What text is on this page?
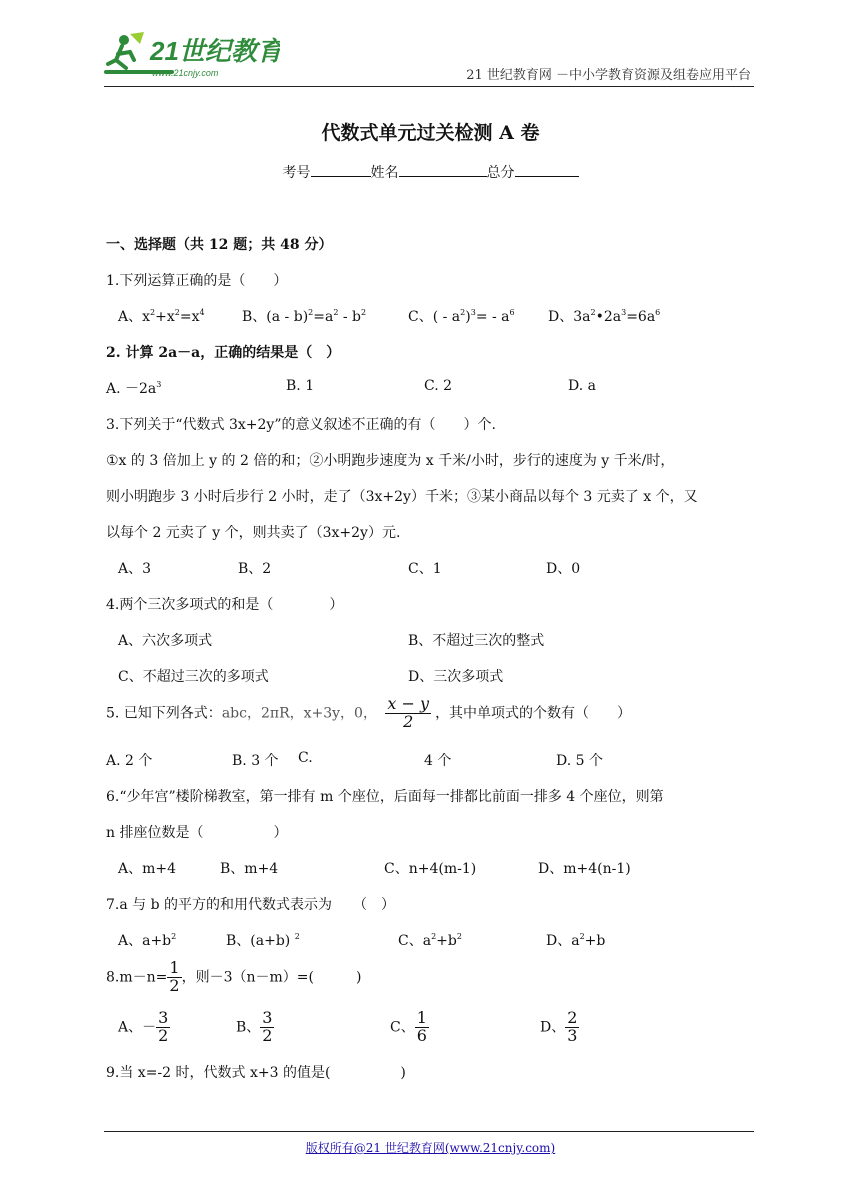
21世纪教育
www.21cnjy.com	21 世纪教育网 －中小学教育资源及组卷应用平台
代数式单元过关检测 A 卷
考号	姓名	总分
一、选择题（共 12 题；共 48 分）
1.下列运算正确的是（　　）
A、$x^2+x^2=x^4$	B、$(a - b)^2=a^2 - b^2$	C、( - $a^2)^3= - a^6$ D、$3a^2•2a^3=6a^6$
2. 计算 2a－a，正确的结果是（　）
A. $-2a^3$	B. 1	C. 2	D. a
3.下列关于“代数式 3x+2y”的意义叙述不正确的有（　　）个.
①x 的 3 倍加上 y 的 2 倍的和；②小明跑步速度为 x 千米/小时，步行的速度为 y 千米/时，
则小明跑步 3 小时后步行 2 小时，走了（3x+2y）千米；③某小商品以每个 3 元卖了 x 个，又
以每个 2 元卖了 y 个，则共卖了（3x+2y）元.
A、3	B、2	C、1	D、0
4.两个三次多项式的和是（　　　　）
A、六次多项式	B、不超过三次的整式
C、不超过三次的多项式	D、三次多项式
5. 已知下列各式：abc，2πR，x+3y，0， $\frac{x - y}{2}$ ，其中单项式的个数有（　　）
A. 2 个	B. 3 个 C.	4 个	D. 5 个
6.“少年宫”楼阶梯教室，第一排有 m 个座位，后面每一排都比前面一排多 4 个座位，则第
n 排座位数是（　　　　　）
A、m+4	B、m+4	C、n+4(m-1)	D、m+4(n-1)
7.a 与 b 的平方的和用代数式表示为　　（　）
A、$a+b^2$	B、(a+b) $^2$	C、$a^2+b^2$	D、$a^2+b$
$8.m-n= \frac{1}{2}$ ，则－3（n－m）=(　　　)
A、－ $\frac{3}{2}$	B、 $\frac{3}{2}$	C、 $\frac{1}{6}$	D、 $\frac{2}{3}$
9.当 x=-2 时，代数式 x+3 的值是(　　　　　)
版权所有@21 世纪教育网(www.21cnjy.com)
